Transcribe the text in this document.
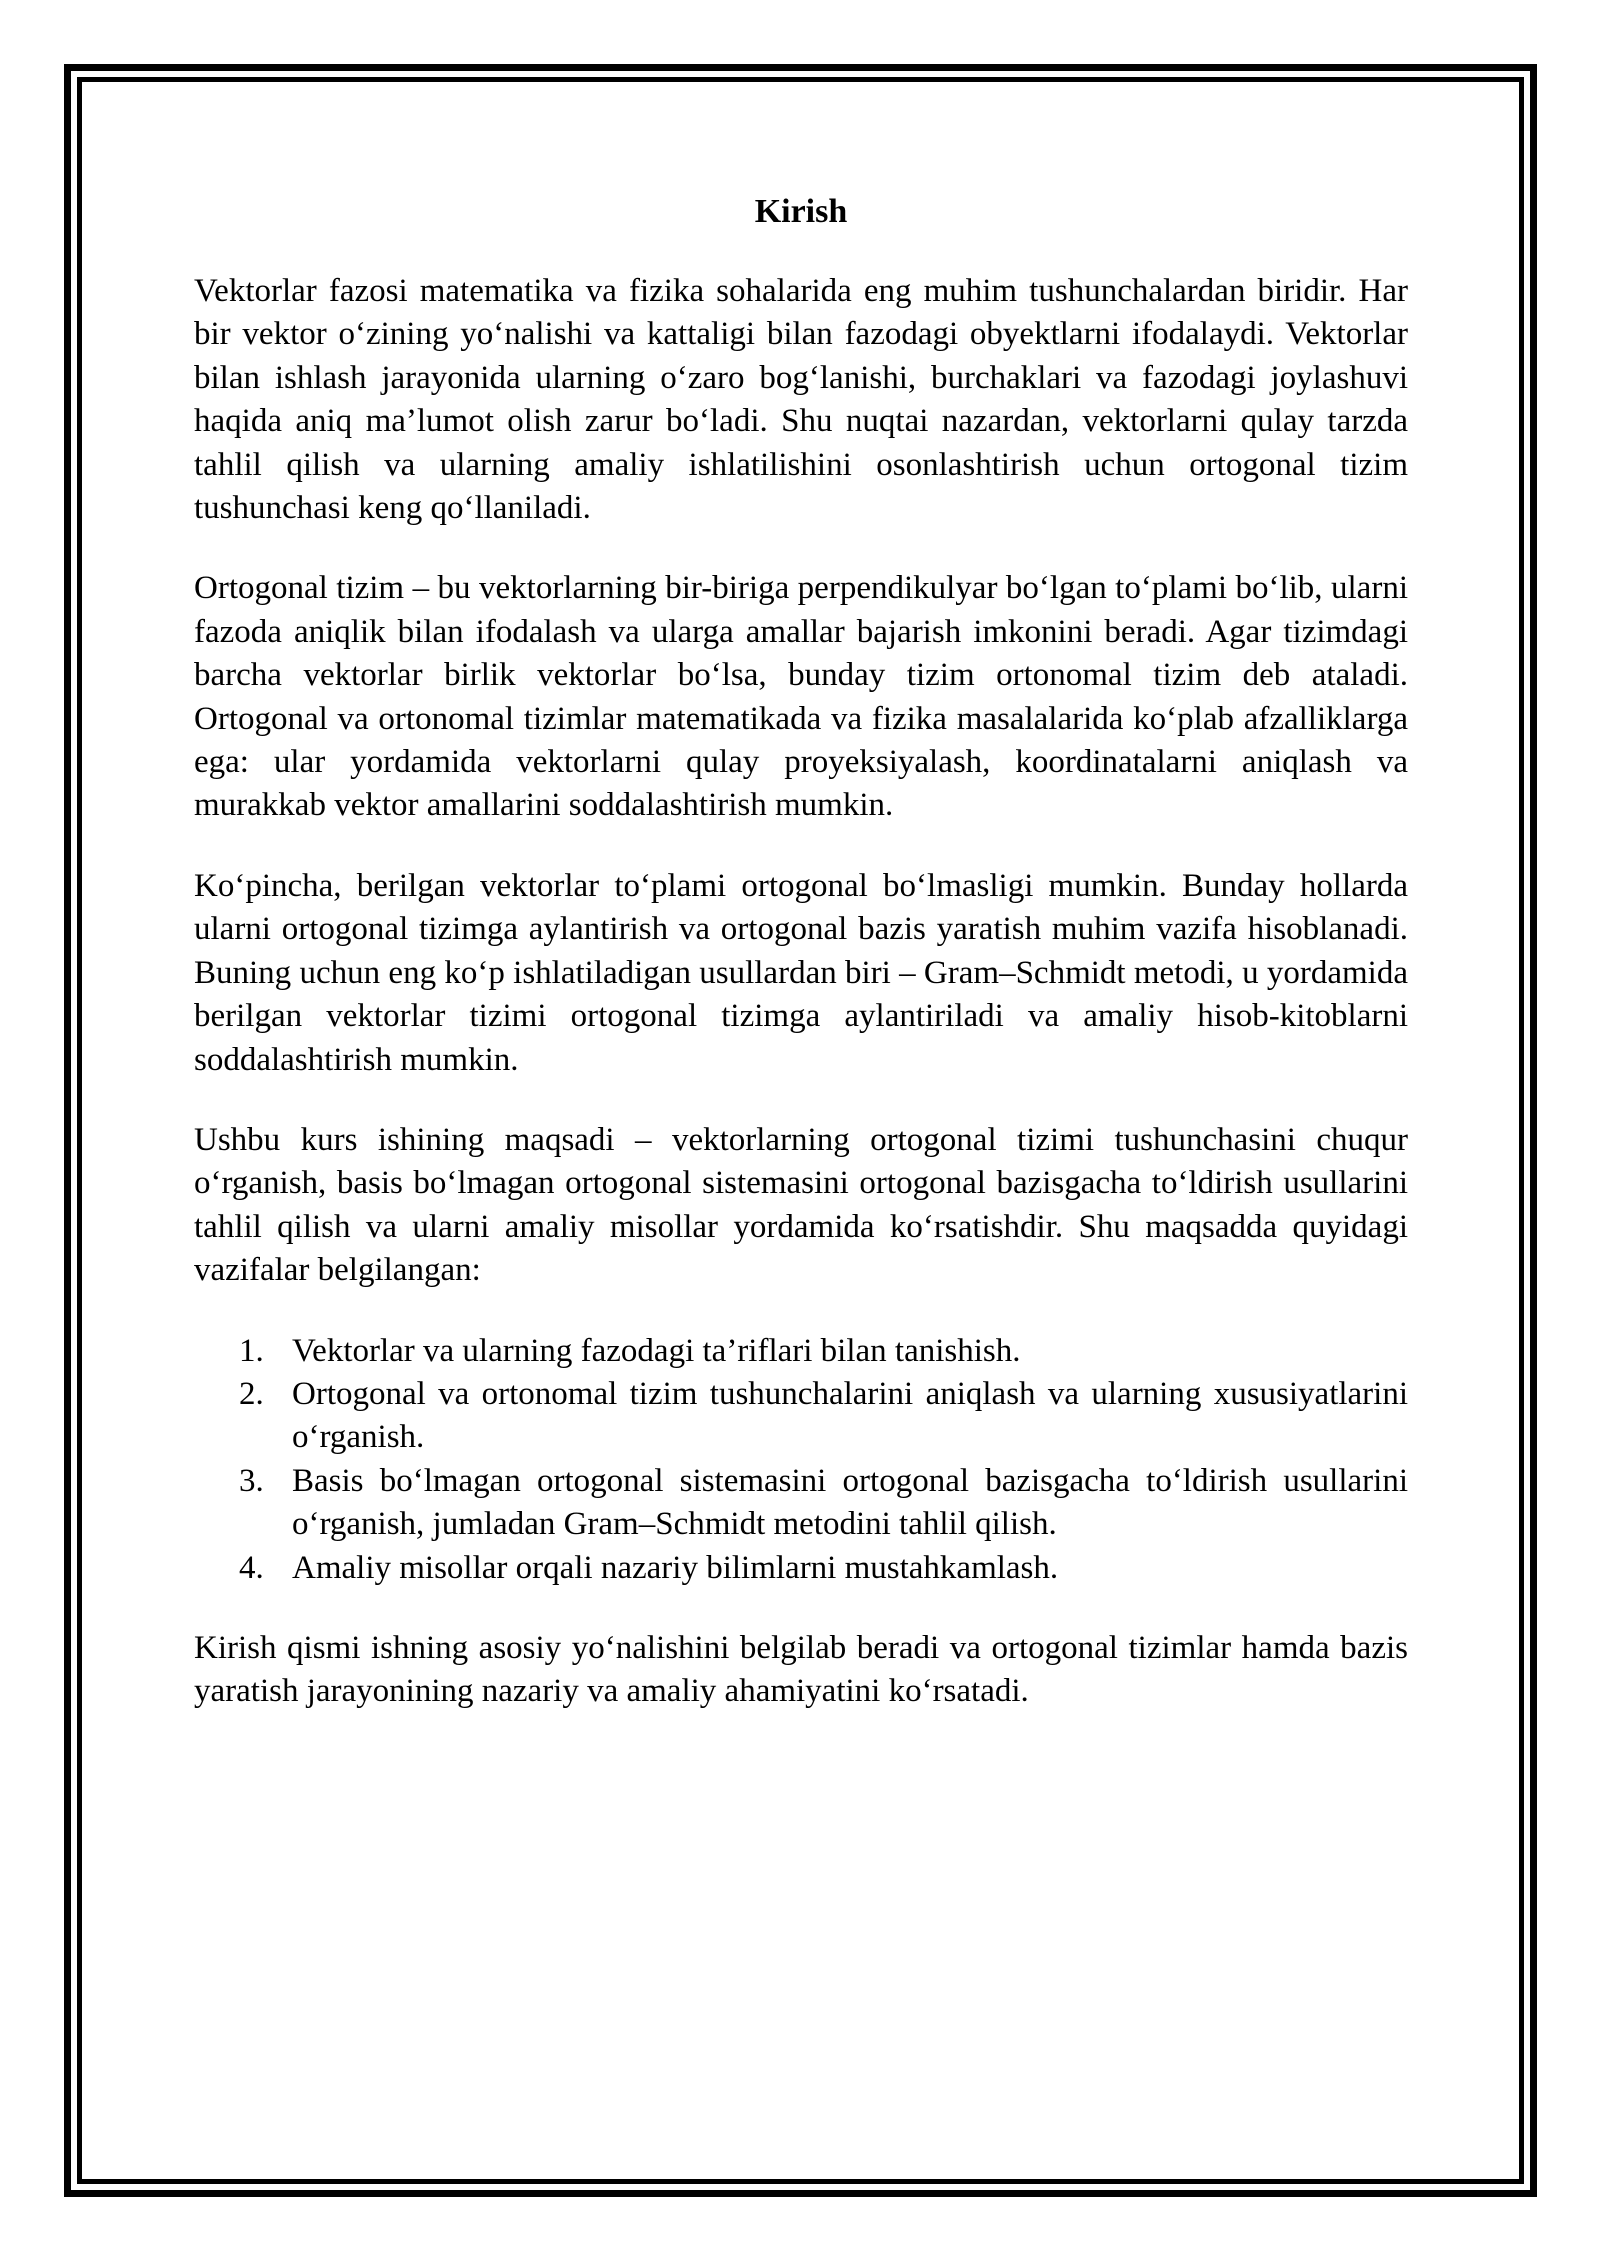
Kirish

Vektorlar fazosi matematika va fizika sohalarida eng muhim tushunchalardan biridir. Har bir vektor o‘zining yo‘nalishi va kattaligi bilan fazodagi obyektlarni ifodalaydi. Vektorlar bilan ishlash jarayonida ularning o‘zaro bog‘lanishi, burchaklari va fazodagi joylashuvi haqida aniq ma’lumot olish zarur bo‘ladi. Shu nuqtai nazardan, vektorlarni qulay tarzda tahlil qilish va ularning amaliy ishlatilishini osonlashtirish uchun ortogonal tizim tushunchasi keng qo‘llaniladi.

Ortogonal tizim – bu vektorlarning bir-biriga perpendikulyar bo‘lgan to‘plami bo‘lib, ularni fazoda aniqlik bilan ifodalash va ularga amallar bajarish imkonini beradi. Agar tizimdagi barcha vektorlar birlik vektorlar bo‘lsa, bunday tizim ortonomal tizim deb ataladi. Ortogonal va ortonomal tizimlar matematikada va fizika masalalarida ko‘plab afzalliklarga ega: ular yordamida vektorlarni qulay proyeksiyalash, koordinatalarni aniqlash va murakkab vektor amallarini soddalashtirish mumkin.

Ko‘pincha, berilgan vektorlar to‘plami ortogonal bo‘lmasligi mumkin. Bunday hollarda ularni ortogonal tizimga aylantirish va ortogonal bazis yaratish muhim vazifa hisoblanadi. Buning uchun eng ko‘p ishlatiladigan usullardan biri – Gram–Schmidt metodi, u yordamida berilgan vektorlar tizimi ortogonal tizimga aylantiriladi va amaliy hisob-kitoblarni soddalashtirish mumkin.

Ushbu kurs ishining maqsadi – vektorlarning ortogonal tizimi tushunchasini chuqur o‘rganish, basis bo‘lmagan ortogonal sistemasini ortogonal bazisgacha to‘ldirish usullarini tahlil qilish va ularni amaliy misollar yordamida ko‘rsatishdir. Shu maqsadda quyidagi vazifalar belgilangan:

1. Vektorlar va ularning fazodagi ta’riflari bilan tanishish.
2. Ortogonal va ortonomal tizim tushunchalarini aniqlash va ularning xususiyatlarini o‘rganish.
3. Basis bo‘lmagan ortogonal sistemasini ortogonal bazisgacha to‘ldirish usullarini o‘rganish, jumladan Gram–Schmidt metodini tahlil qilish.
4. Amaliy misollar orqali nazariy bilimlarni mustahkamlash.

Kirish qismi ishning asosiy yo‘nalishini belgilab beradi va ortogonal tizimlar hamda bazis yaratish jarayonining nazariy va amaliy ahamiyatini ko‘rsatadi.
